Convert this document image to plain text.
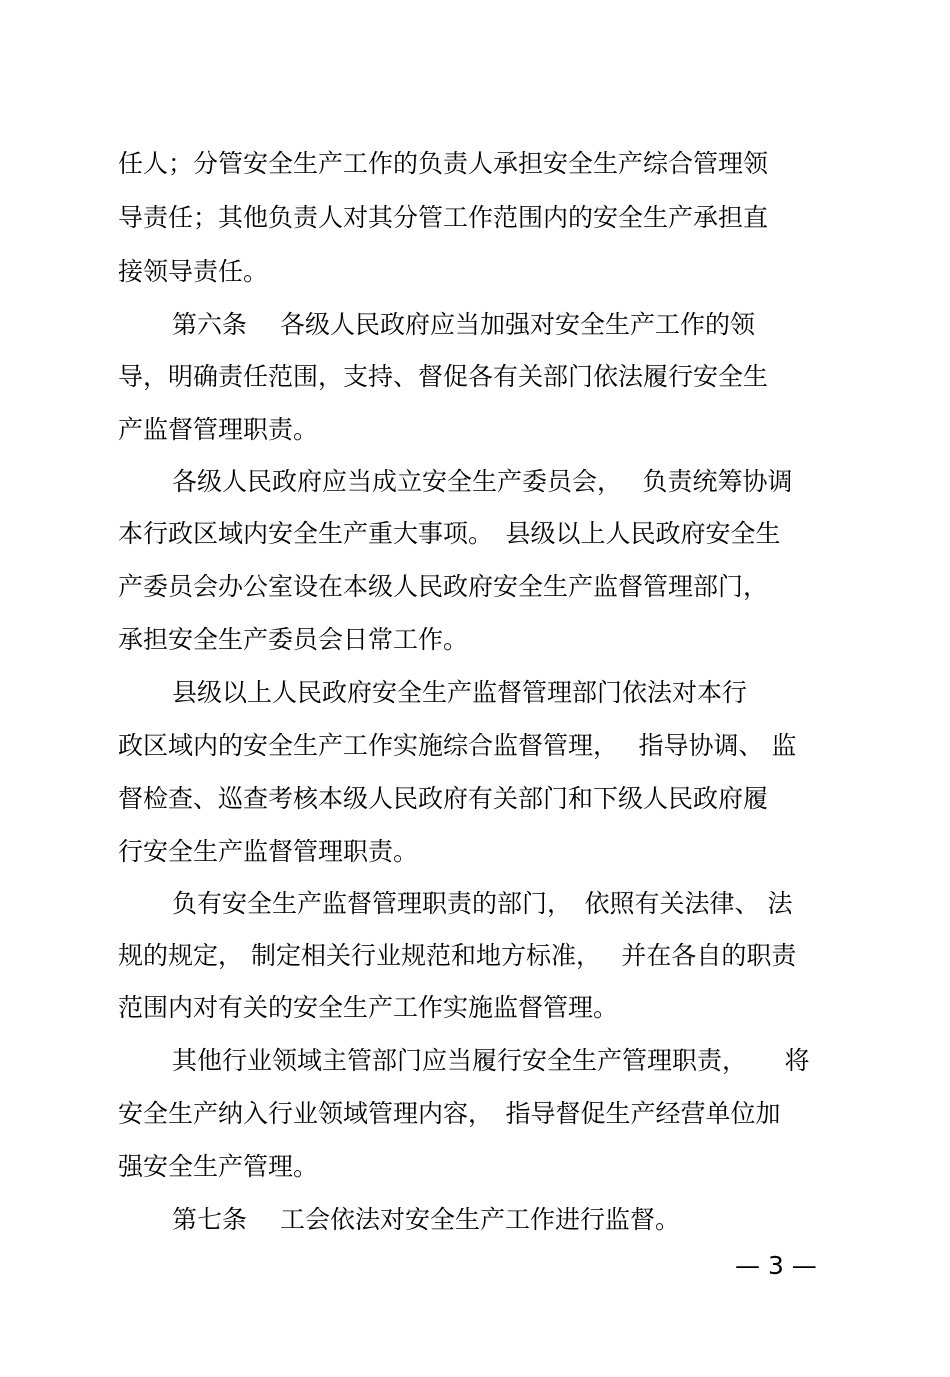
任人；分管安全生产工作的负责人承担安全生产综合管理领
导责任；其他负责人对其分管工作范围内的安全生产承担直
接领导责任。
第六条　 各级人民政府应当加强对安全生产工作的领
导，明确责任范围，支持、督促各有关部门依法履行安全生
产监督管理职责。
各级人民政府应当成立安全生产委员会，　 负责统筹协调
本行政区域内安全生产重大事项。　县级以上人民政府安全生
产委员会办公室设在本级人民政府安全生产监督管理部门，
承担安全生产委员会日常工作。
县级以上人民政府安全生产监督管理部门依法对本行
政区域内的安全生产工作实施综合监督管理，　 指导协调、 监
督检查、巡查考核本级人民政府有关部门和下级人民政府履
行安全生产监督管理职责。
负有安全生产监督管理职责的部门，　依照有关法律、 法
规的规定， 制定相关行业规范和地方标准，　 并在各自的职责
范围内对有关的安全生产工作实施监督管理。
其他行业领域主管部门应当履行安全生产管理职责，　　将
安全生产纳入行业领域管理内容，　指导督促生产经营单位加
强安全生产管理。
第七条　 工会依法对安全生产工作进行监督。
— 3 —
